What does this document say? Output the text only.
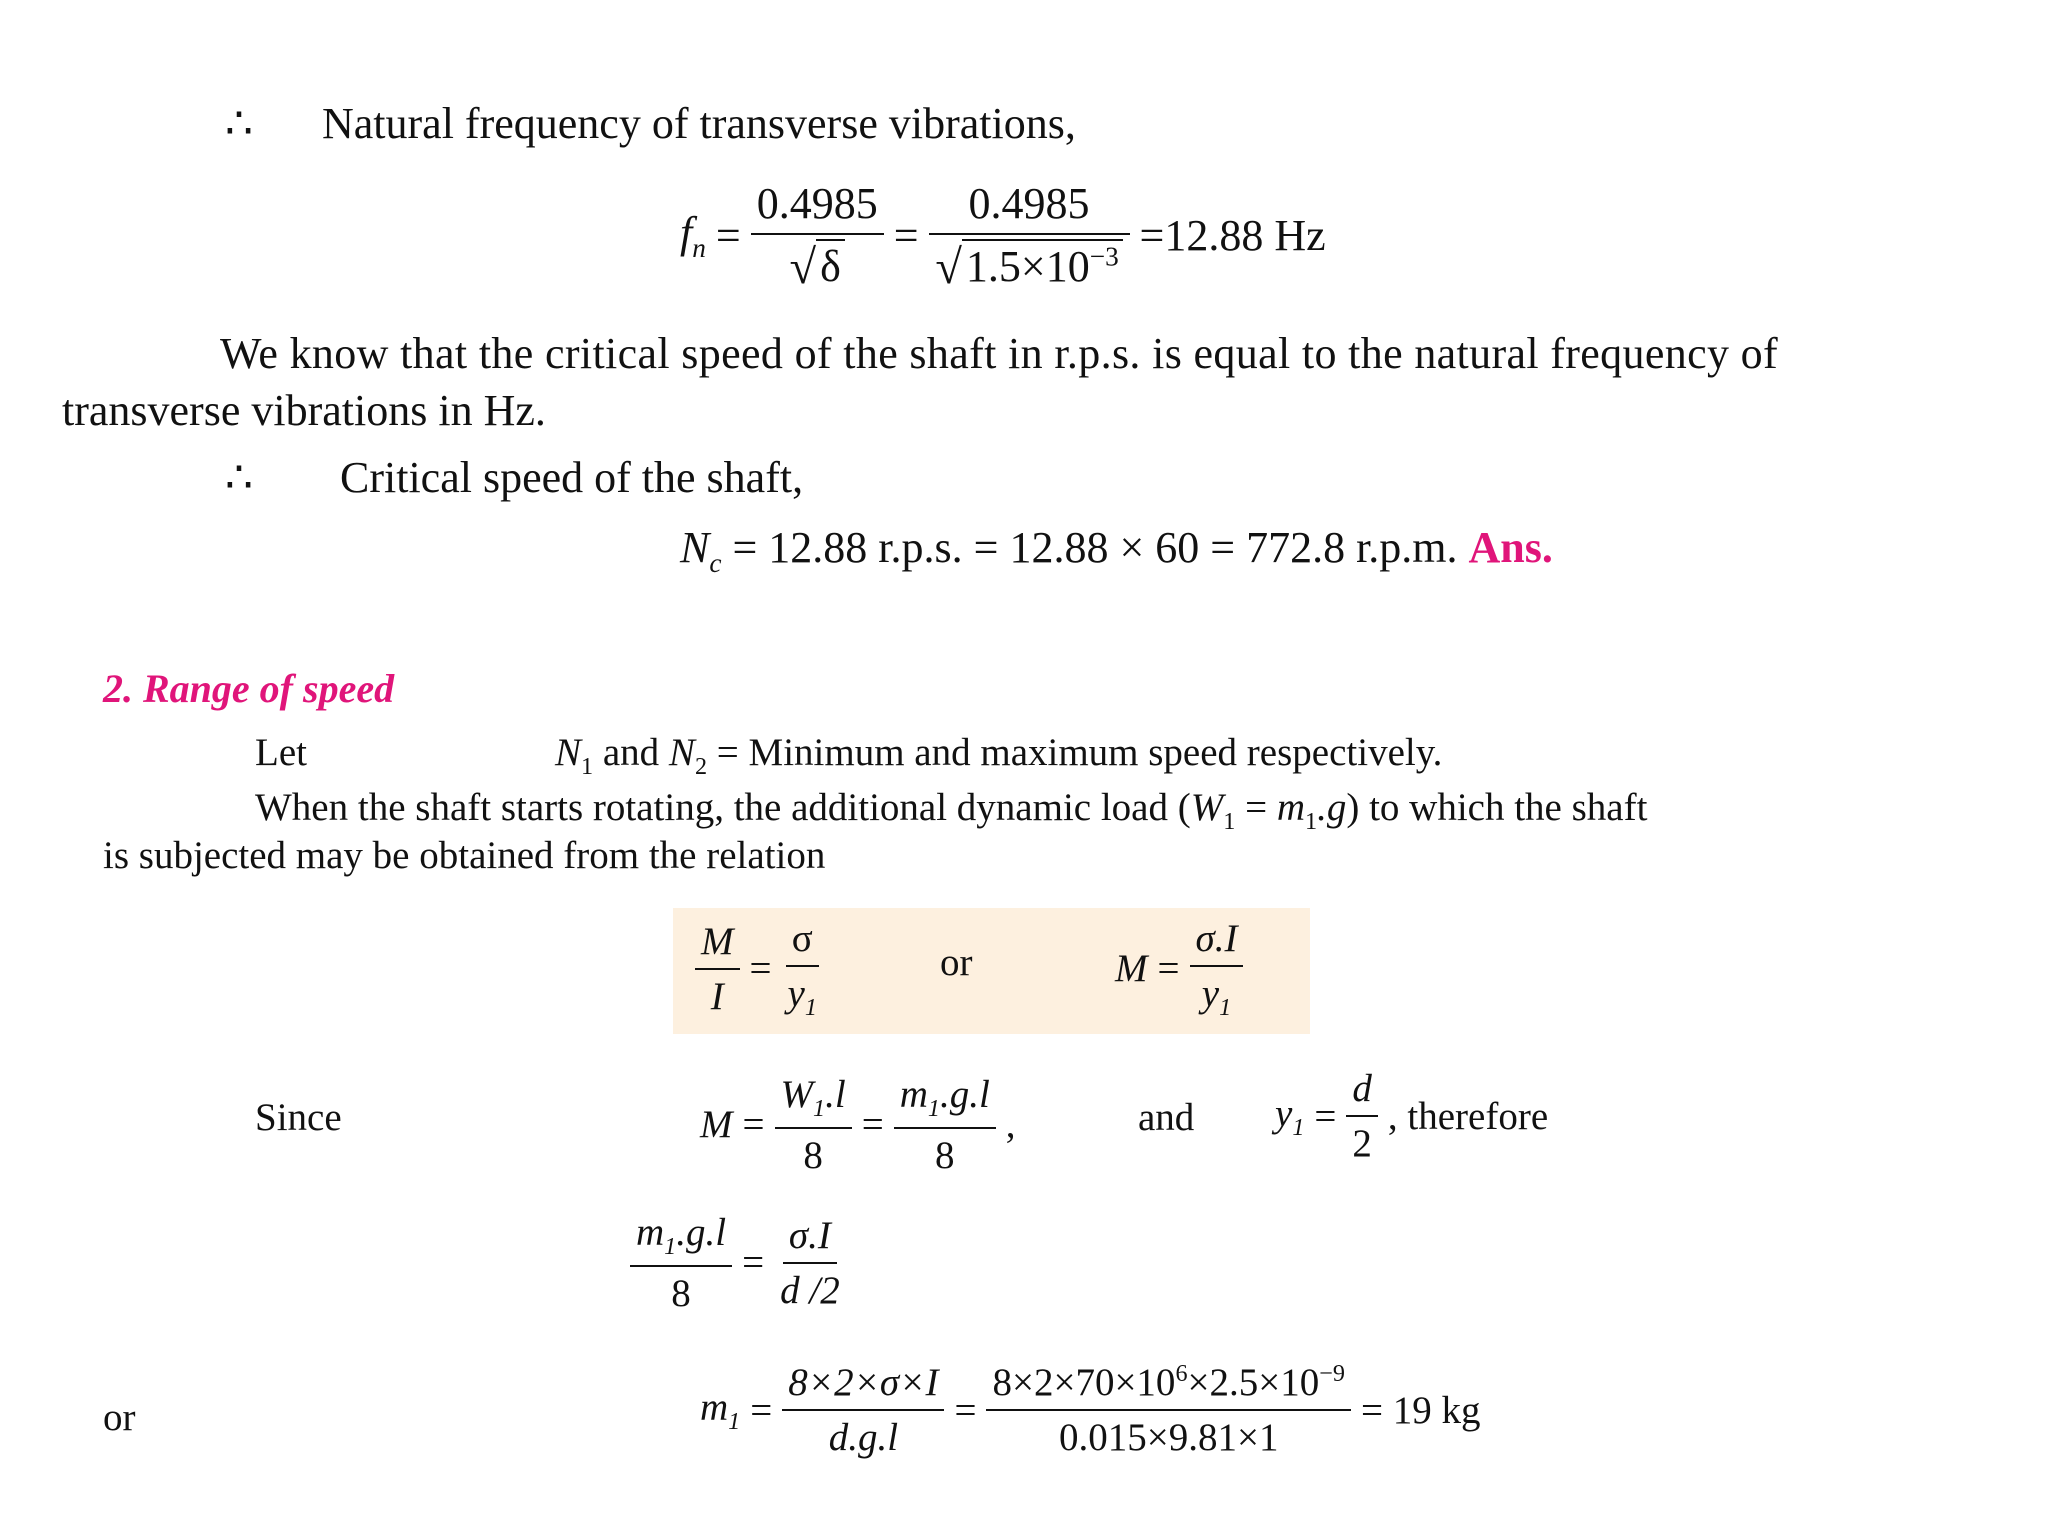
∴ Natural frequency of transverse vibrations,
$f_n = \frac{0.4985}{√ \delta} = \frac{0.4985}{√ 1.5\times 10^{-3}} =12.88$ Hz
We know that the critical speed of the shaft in r.p.s. is equal to the natural frequency of
transverse vibrations in Hz.
∴ Critical speed of the shaft,
$N_c = 12.88$ r.p.s. = 12.88 × 60 = 772.8 r.p.m. Ans.
2. Range of speed
Let	$N_1$ and $N_2$ = Minimum and maximum speed respectively.
When the shaft starts rotating, the additional dynamic load $(W_1 = m_1.g)$ to which the shaft
is subjected may be obtained from the relation
$\frac{M}{I} = \frac{\sigma}{y_1}$	or	$M = \frac{\sigma.I}{y_1}$
Since	$M = \frac{W_1.l}{8} = \frac{m_1.g.l}{8}$ ,	and $y_1 = \frac{d}{2}$ , therefore
$\frac{m_1.g.l}{8} = \frac{\sigma.I}{d /2}$
or	$m_1 = \frac{8\times 2\times\sigma\times I}{d.g.l} = \frac{8\times 2\times 70\times 10^6\times 2.5\times 10^{-9}}{0.015\times 9.81\times 1} = 19$ kg
